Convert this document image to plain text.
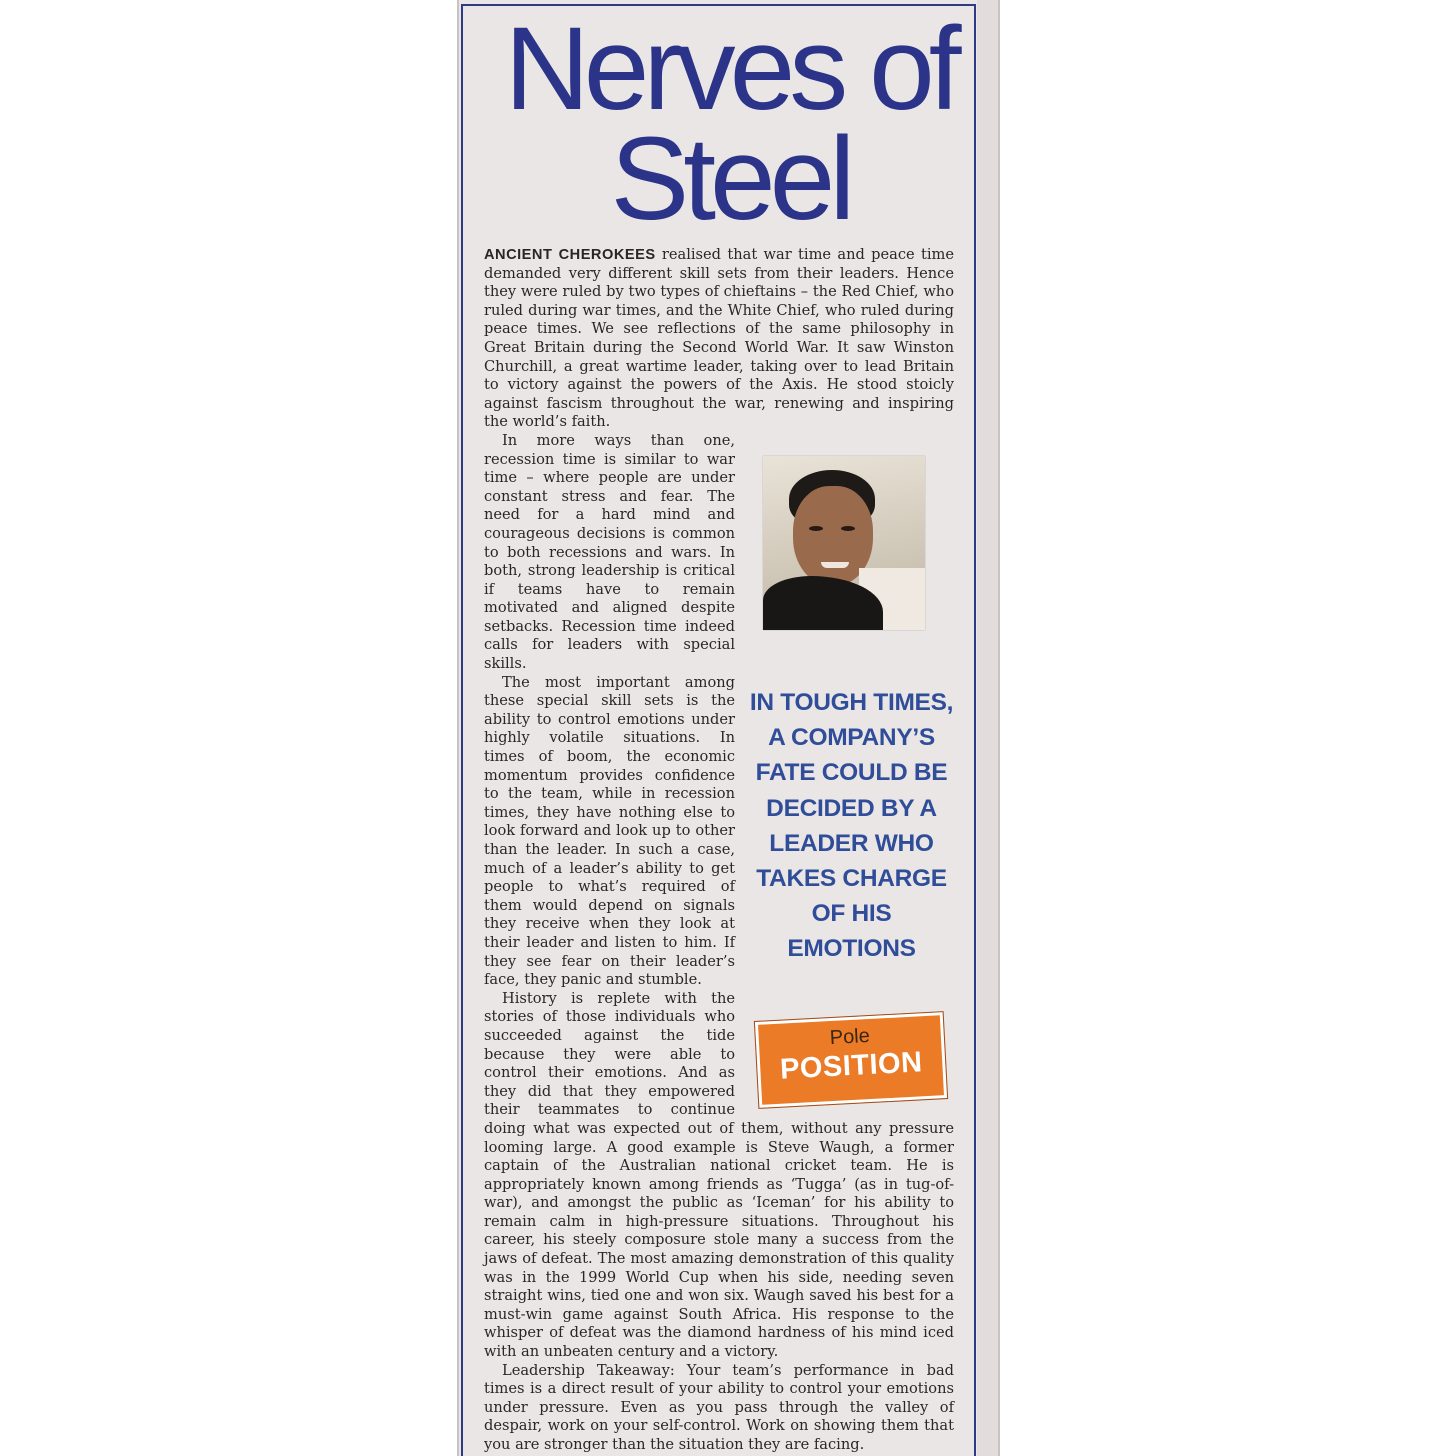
Nerves of
Steel

ANCIENT CHEROKEES realised that war time and peace time demanded very different skill sets from their leaders. Hence they were ruled by two types of chieftains – the Red Chief, who ruled during war times, and the White Chief, who ruled during peace times. We see reflections of the same philosophy in Great Britain during the Second World War. It saw Winston Churchill, a great wartime leader, taking over to lead Britain to victory against the powers of the Axis. He stood stoicly against fascism throughout the war, renewing and inspiring the world’s faith.

IN TOUGH TIMES, A COMPANY’S FATE COULD BE DECIDED BY A LEADER WHO TAKES CHARGE OF HIS EMOTIONS
Pole
POSITION

In more ways than one, recession time is similar to war time – where people are under constant stress and fear. The need for a hard mind and courageous decisions is common to both recessions and wars. In both, strong leadership is critical if teams have to remain motivated and aligned despite setbacks. Recession time indeed calls for leaders with special skills.

The most important among these special skill sets is the ability to control emotions under highly volatile situations. In times of boom, the economic momentum provides confidence to the team, while in recession times, they have nothing else to look forward and look up to other than the leader. In such a case, much of a leader’s ability to get people to what’s required of them would depend on signals they receive when they look at their leader and listen to him. If they see fear on their leader’s face, they panic and stumble.

History is replete with the stories of those individuals who succeeded against the tide because they were able to control their emotions. And as they did that they empowered their teammates to continue doing what was expected out of them, without any pressure looming large. A good example is Steve Waugh, a former captain of the Australian national cricket team. He is appropriately known among friends as ‘Tugga’ (as in tug-of-war), and amongst the public as ‘Iceman’ for his ability to remain calm in high-pressure situations. Throughout his career, his steely composure stole many a success from the jaws of defeat. The most amazing demonstration of this quality was in the 1999 World Cup when his side, needing seven straight wins, tied one and won six. Waugh saved his best for a must-win game against South Africa. His response to the whisper of defeat was the diamond hardness of his mind iced with an unbeaten century and a victory.

Leadership Takeaway: Your team’s performance in bad times is a direct result of your ability to control your emotions under pressure. Even as you pass through the valley of despair, work on your self-control. Work on showing them that you are stronger than the situation they are facing.
